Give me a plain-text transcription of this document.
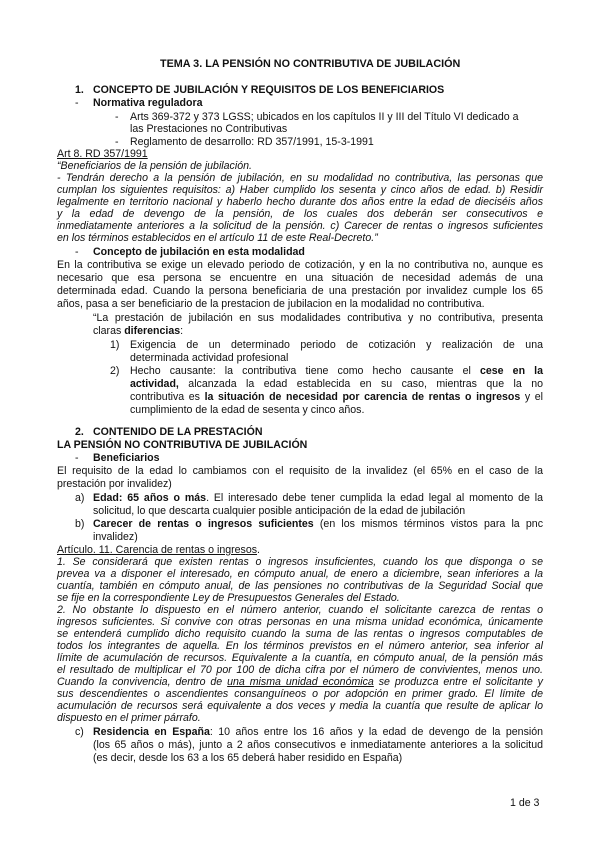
TEMA 3. LA PENSIÓN NO CONTRIBUTIVA DE JUBILACIÓN
1. CONCEPTO DE JUBILACIÓN Y REQUISITOS DE LOS BENEFICIARIOS
- Normativa reguladora
- Arts 369-372 y 373 LGSS; ubicados en los capítulos II y III del Título VI dedicado a
las Prestaciones no Contributivas
- Reglamento de desarrollo: RD 357/1991, 15-3-1991
Art 8. RD 357/1991
“Beneficiarios de la pensión de jubilación.
- Tendrán derecho a la pensión de jubilación, en su modalidad no contributiva, las personas que
cumplan los siguientes requisitos: a) Haber cumplido los sesenta y cinco años de edad. b) Residir
legalmente en territorio nacional y haberlo hecho durante dos años entre la edad de dieciséis años
y la edad de devengo de la pensión, de los cuales dos deberán ser consecutivos e
inmediatamente anteriores a la solicitud de la pensión. c) Carecer de rentas o ingresos suficientes
en los términos establecidos en el artículo 11 de este Real-Decreto.”
- Concepto de jubilación en esta modalidad
En la contributiva se exige un elevado periodo de cotización, y en la no contributiva no, aunque es
necesario que esa persona se encuentre en una situación de necesidad además de una
determinada edad. Cuando la persona beneficiaria de una prestación por invalidez cumple los 65
años, pasa a ser beneficiario de la prestacion de jubilacion en la modalidad no contributiva.
“La prestación de jubilación en sus modalidades contributiva y no contributiva, presenta
claras diferencias:
1) Exigencia de un determinado periodo de cotización y realización de una
determinada actividad profesional
2) Hecho causante: la contributiva tiene como hecho causante el cese en la
actividad, alcanzada la edad establecida en su caso, mientras que la no
contributiva es la situación de necesidad por carencia de rentas o ingresos y el
cumplimiento de la edad de sesenta y cinco años.
2. CONTENIDO DE LA PRESTACIÓN
LA PENSIÓN NO CONTRIBUTIVA DE JUBILACIÓN
- Beneficiarios
El requisito de la edad lo cambiamos con el requisito de la invalidez (el 65% en el caso de la
prestación por invalidez)
a) Edad: 65 años o más. El interesado debe tener cumplida la edad legal al momento de la
solicitud, lo que descarta cualquier posible anticipación de la edad de jubilación
b) Carecer de rentas o ingresos suficientes (en los mismos términos vistos para la pnc
invalidez)
Artículo. 11. Carencia de rentas o ingresos.
1. Se considerará que existen rentas o ingresos insuficientes, cuando los que disponga o se
prevea va a disponer el interesado, en cómputo anual, de enero a diciembre, sean inferiores a la
cuantía, también en cómputo anual, de las pensiones no contributivas de la Seguridad Social que
se fije en la correspondiente Ley de Presupuestos Generales del Estado.
2. No obstante lo dispuesto en el número anterior, cuando el solicitante carezca de rentas o
ingresos suficientes. Si convive con otras personas en una misma unidad económica, únicamente
se entenderá cumplido dicho requisito cuando la suma de las rentas o ingresos computables de
todos los integrantes de aquella. En los términos previstos en el número anterior, sea inferior al
límite de acumulación de recursos. Equivalente a la cuantía, en cómputo anual, de la pensión más
el resultado de multiplicar el 70 por 100 de dicha cifra por el número de convivientes, menos uno.
Cuando la convivencia, dentro de una misma unidad económica se produzca entre el solicitante y
sus descendientes o ascendientes consanguíneos o por adopción en primer grado. El límite de
acumulación de recursos será equivalente a dos veces y media la cuantía que resulte de aplicar lo
dispuesto en el primer párrafo.
c) Residencia en España: 10 años entre los 16 años y la edad de devengo de la pensión
(los 65 años o más), junto a 2 años consecutivos e inmediatamente anteriores a la solicitud
(es decir, desde los 63 a los 65 deberá haber residido en España)
1 de 3
